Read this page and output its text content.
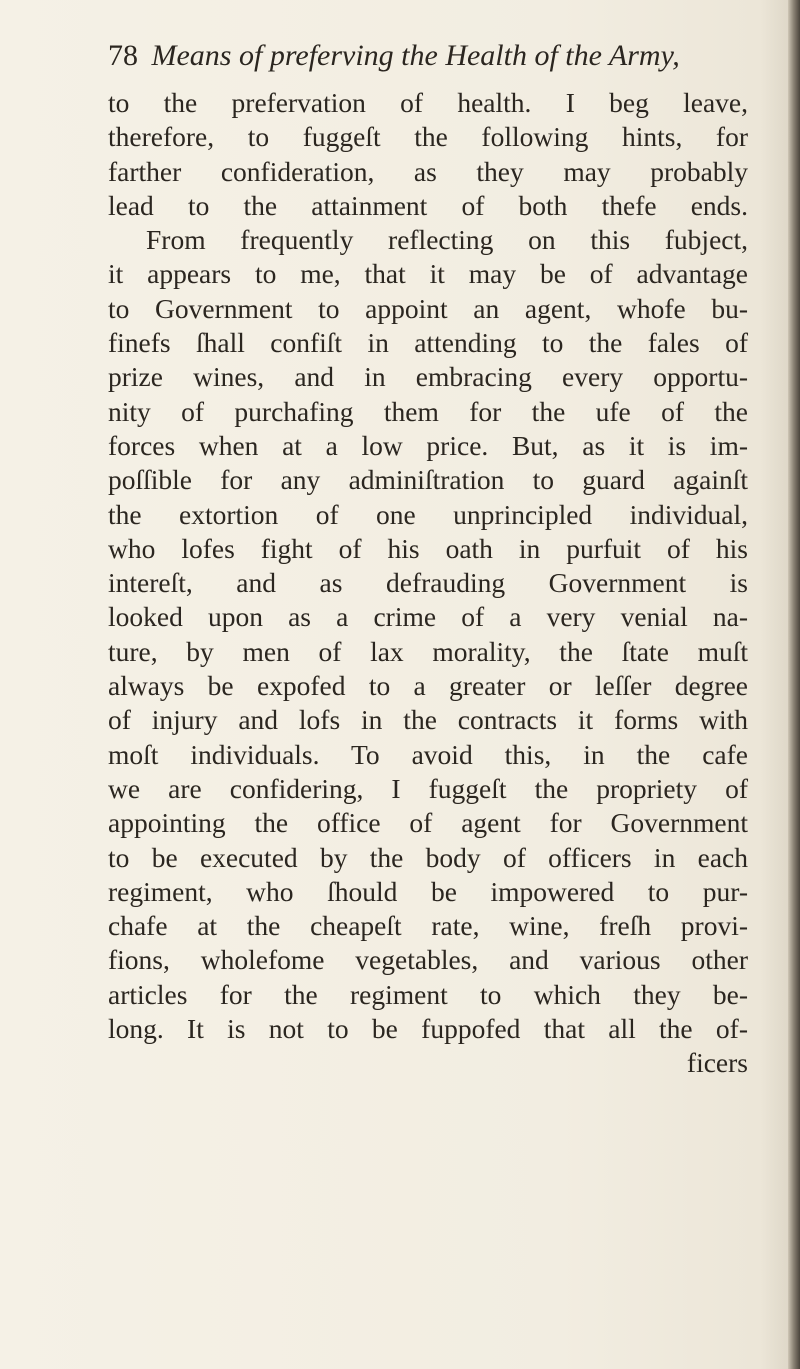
78 Means of preferving the Health of the Army,
to the prefervation of health. I beg leave,
therefore, to fuggeſt the following hints, for
farther confideration, as they may probably
lead to the attainment of both thefe ends.
From frequently reflecting on this fubject,
it appears to me, that it may be of advantage
to Government to appoint an agent, whofe bu-
finefs ſhall confiſt in attending to the fales of
prize wines, and in embracing every opportu-
nity of purchafing them for the ufe of the
forces when at a low price. But, as it is im-
poſſible for any adminiſtration to guard againſt
the extortion of one unprincipled individual,
who lofes fight of his oath in purfuit of his
intereſt, and as defrauding Government is
looked upon as a crime of a very venial na-
ture, by men of lax morality, the ſtate muſt
always be expofed to a greater or leſſer degree
of injury and lofs in the contracts it forms with
moſt individuals. To avoid this, in the cafe
we are confidering, I fuggeſt the propriety of
appointing the office of agent for Government
to be executed by the body of officers in each
regiment, who ſhould be impowered to pur-
chafe at the cheapeſt rate, wine, freſh provi-
fions, wholefome vegetables, and various other
articles for the regiment to which they be-
long. It is not to be fuppofed that all the of-
ficers
